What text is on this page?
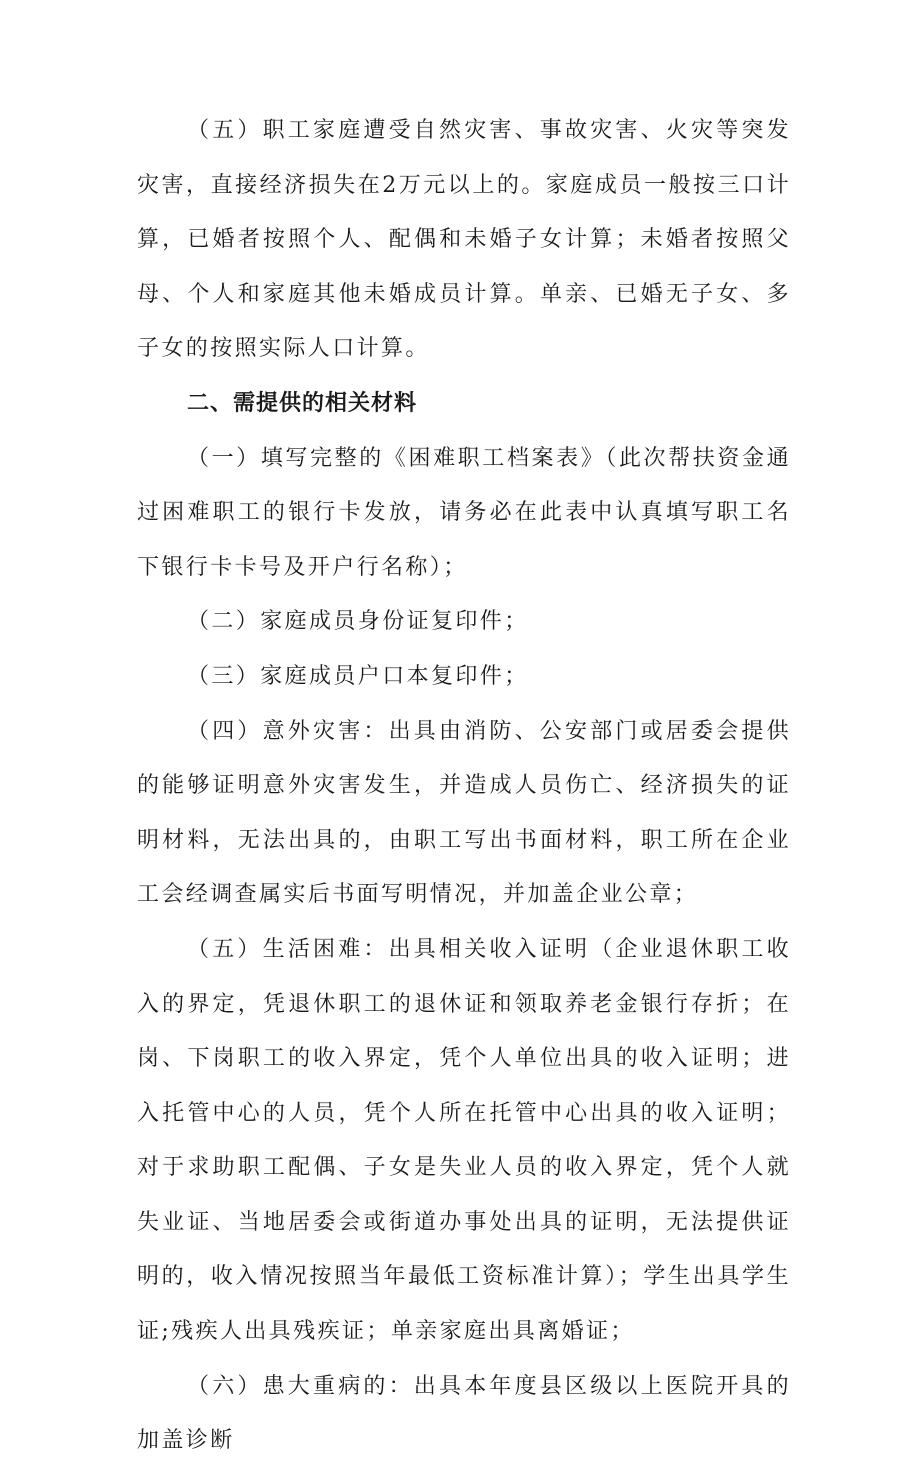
（五）职工家庭遭受自然灾害、事故灾害、火灾等突发灾害，直接经济损失在2万元以上的。家庭成员一般按三口计算，已婚者按照个人、配偶和未婚子女计算；未婚者按照父母、个人和家庭其他未婚成员计算。单亲、已婚无子女、多子女的按照实际人口计算。

二、需提供的相关材料

（一）填写完整的《困难职工档案表》（此次帮扶资金通过困难职工的银行卡发放，请务必在此表中认真填写职工名下银行卡卡号及开户行名称）；

（二）家庭成员身份证复印件；

（三）家庭成员户口本复印件；

（四）意外灾害：出具由消防、公安部门或居委会提供的能够证明意外灾害发生，并造成人员伤亡、经济损失的证明材料，无法出具的，由职工写出书面材料，职工所在企业工会经调查属实后书面写明情况，并加盖企业公章；

（五）生活困难：出具相关收入证明（企业退休职工收入的界定，凭退休职工的退休证和领取养老金银行存折；在岗、下岗职工的收入界定，凭个人单位出具的收入证明；进入托管中心的人员，凭个人所在托管中心出具的收入证明；对于求助职工配偶、子女是失业人员的收入界定，凭个人就失业证、当地居委会或街道办事处出具的证明，无法提供证明的，收入情况按照当年最低工资标准计算）；学生出具学生证;残疾人出具残疾证；单亲家庭出具离婚证；

（六）患大重病的：出具本年度县区级以上医院开具的加盖诊断
